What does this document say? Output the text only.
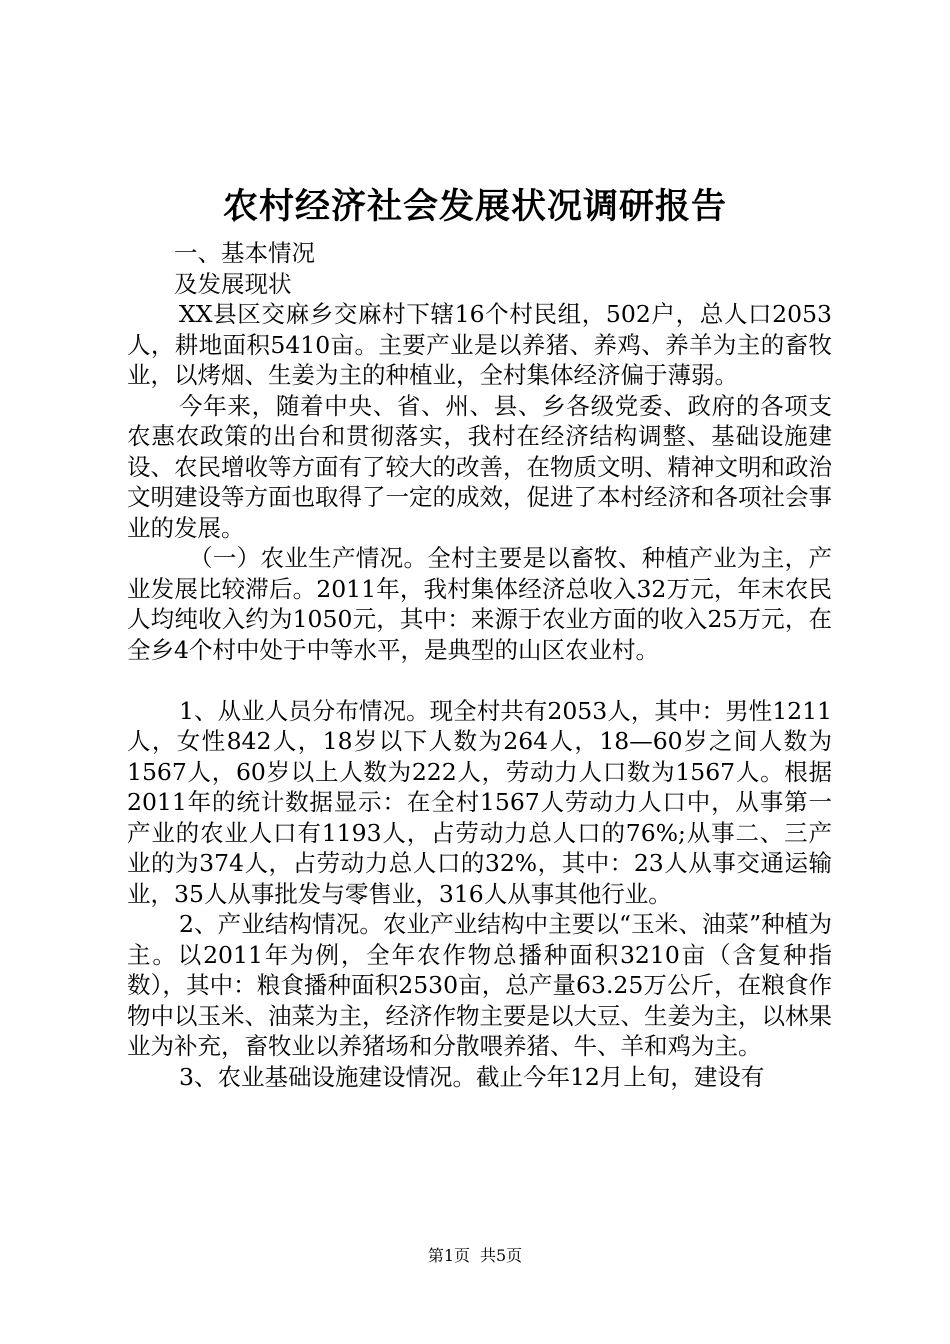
农村经济社会发展状况调研报告

一、基本情况

及发展现状

XX县区交麻乡交麻村下辖16个村民组，502户，总人口2053人，耕地面积5410亩。主要产业是以养猪、养鸡、养羊为主的畜牧业，以烤烟、生姜为主的种植业，全村集体经济偏于薄弱。

今年来，随着中央、省、州、县、乡各级党委、政府的各项支农惠农政策的出台和贯彻落实，我村在经济结构调整、基础设施建设、农民增收等方面有了较大的改善，在物质文明、精神文明和政治文明建设等方面也取得了一定的成效，促进了本村经济和各项社会事业的发展。

（一）农业生产情况。全村主要是以畜牧、种植产业为主，产业发展比较滞后。2011年，我村集体经济总收入32万元，年末农民人均纯收入约为1050元，其中：来源于农业方面的收入25万元，在全乡4个村中处于中等水平，是典型的山区农业村。

1、从业人员分布情况。现全村共有2053人，其中：男性1211人，女性842人，18岁以下人数为264人，18—60岁之间人数为1567人，60岁以上人数为222人，劳动力人口数为1567人。根据2011年的统计数据显示：在全村1567人劳动力人口中，从事第一产业的农业人口有1193人，占劳动力总人口的76%;从事二、三产业的为374人，占劳动力总人口的32%，其中：23人从事交通运输业，35人从事批发与零售业，316人从事其他行业。

2、产业结构情况。农业产业结构中主要以“玉米、油菜”种植为主。以2011年为例，全年农作物总播种面积3210亩（含复种指数），其中：粮食播种面积2530亩，总产量63.25万公斤，在粮食作物中以玉米、油菜为主，经济作物主要是以大豆、生姜为主，以林果业为补充，畜牧业以养猪场和分散喂养猪、牛、羊和鸡为主。

3、农业基础设施建设情况。截止今年12月上旬，建设有

第1页 共5页
